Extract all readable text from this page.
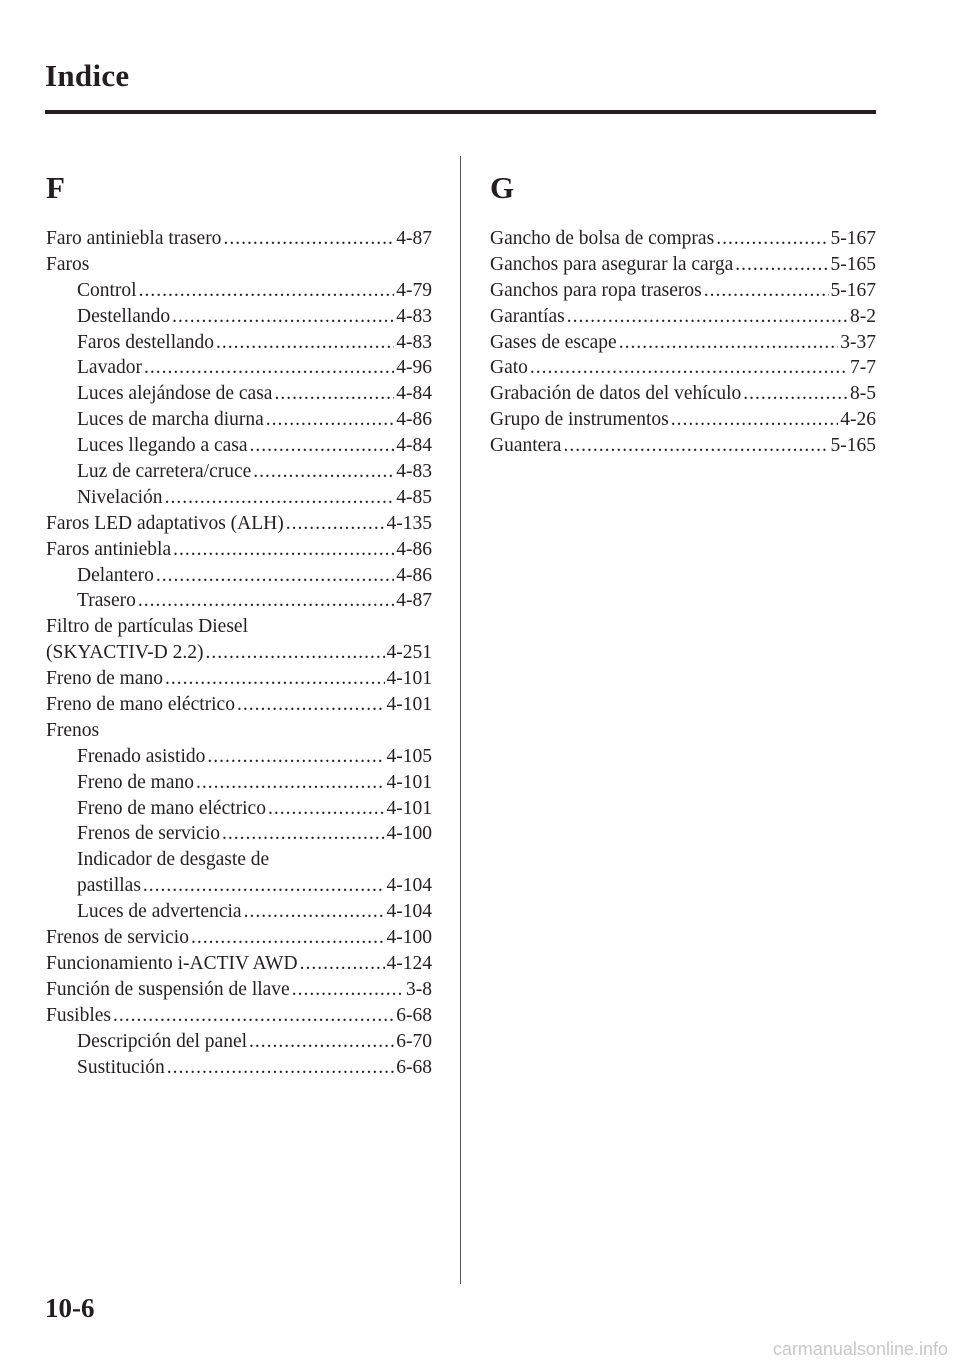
Indice
F
Faro antiniebla trasero .....	4-87
Faros
Control .....	4-79
Destellando .....	4-83
Faros destellando .....	4-83
Lavador .....	4-96
Luces alejándose de casa .....	4-84
Luces de marcha diurna .....	4-86
Luces llegando a casa .....	4-84
Luz de carretera/cruce .....	4-83
Nivelación .....	4-85
Faros LED adaptativos (ALH) .....	4-135
Faros antiniebla .....	4-86
Delantero .....	4-86
Trasero .....	4-87
Filtro de partículas Diesel
(SKYACTIV-D 2.2) .....	4-251
Freno de mano .....	4-101
Freno de mano eléctrico .....	4-101
Frenos
Frenado asistido .....	4-105
Freno de mano .....	4-101
Freno de mano eléctrico .....	4-101
Frenos de servicio .....	4-100
Indicador de desgaste de
pastillas .....	4-104
Luces de advertencia .....	4-104
Frenos de servicio .....	4-100
Funcionamiento i-ACTIV AWD .....	4-124
Función de suspensión de llave .....	3-8
Fusibles .....	6-68
Descripción del panel .....	6-70
Sustitución .....	6-68
G
Gancho de bolsa de compras .....	5-167
Ganchos para asegurar la carga .....	5-165
Ganchos para ropa traseros .....	5-167
Garantías .....	8-2
Gases de escape .....	3-37
Gato .....	7-7
Grabación de datos del vehículo .....	8-5
Grupo de instrumentos .....	4-26
Guantera .....	5-165
10-6
carmanualsonline.info
